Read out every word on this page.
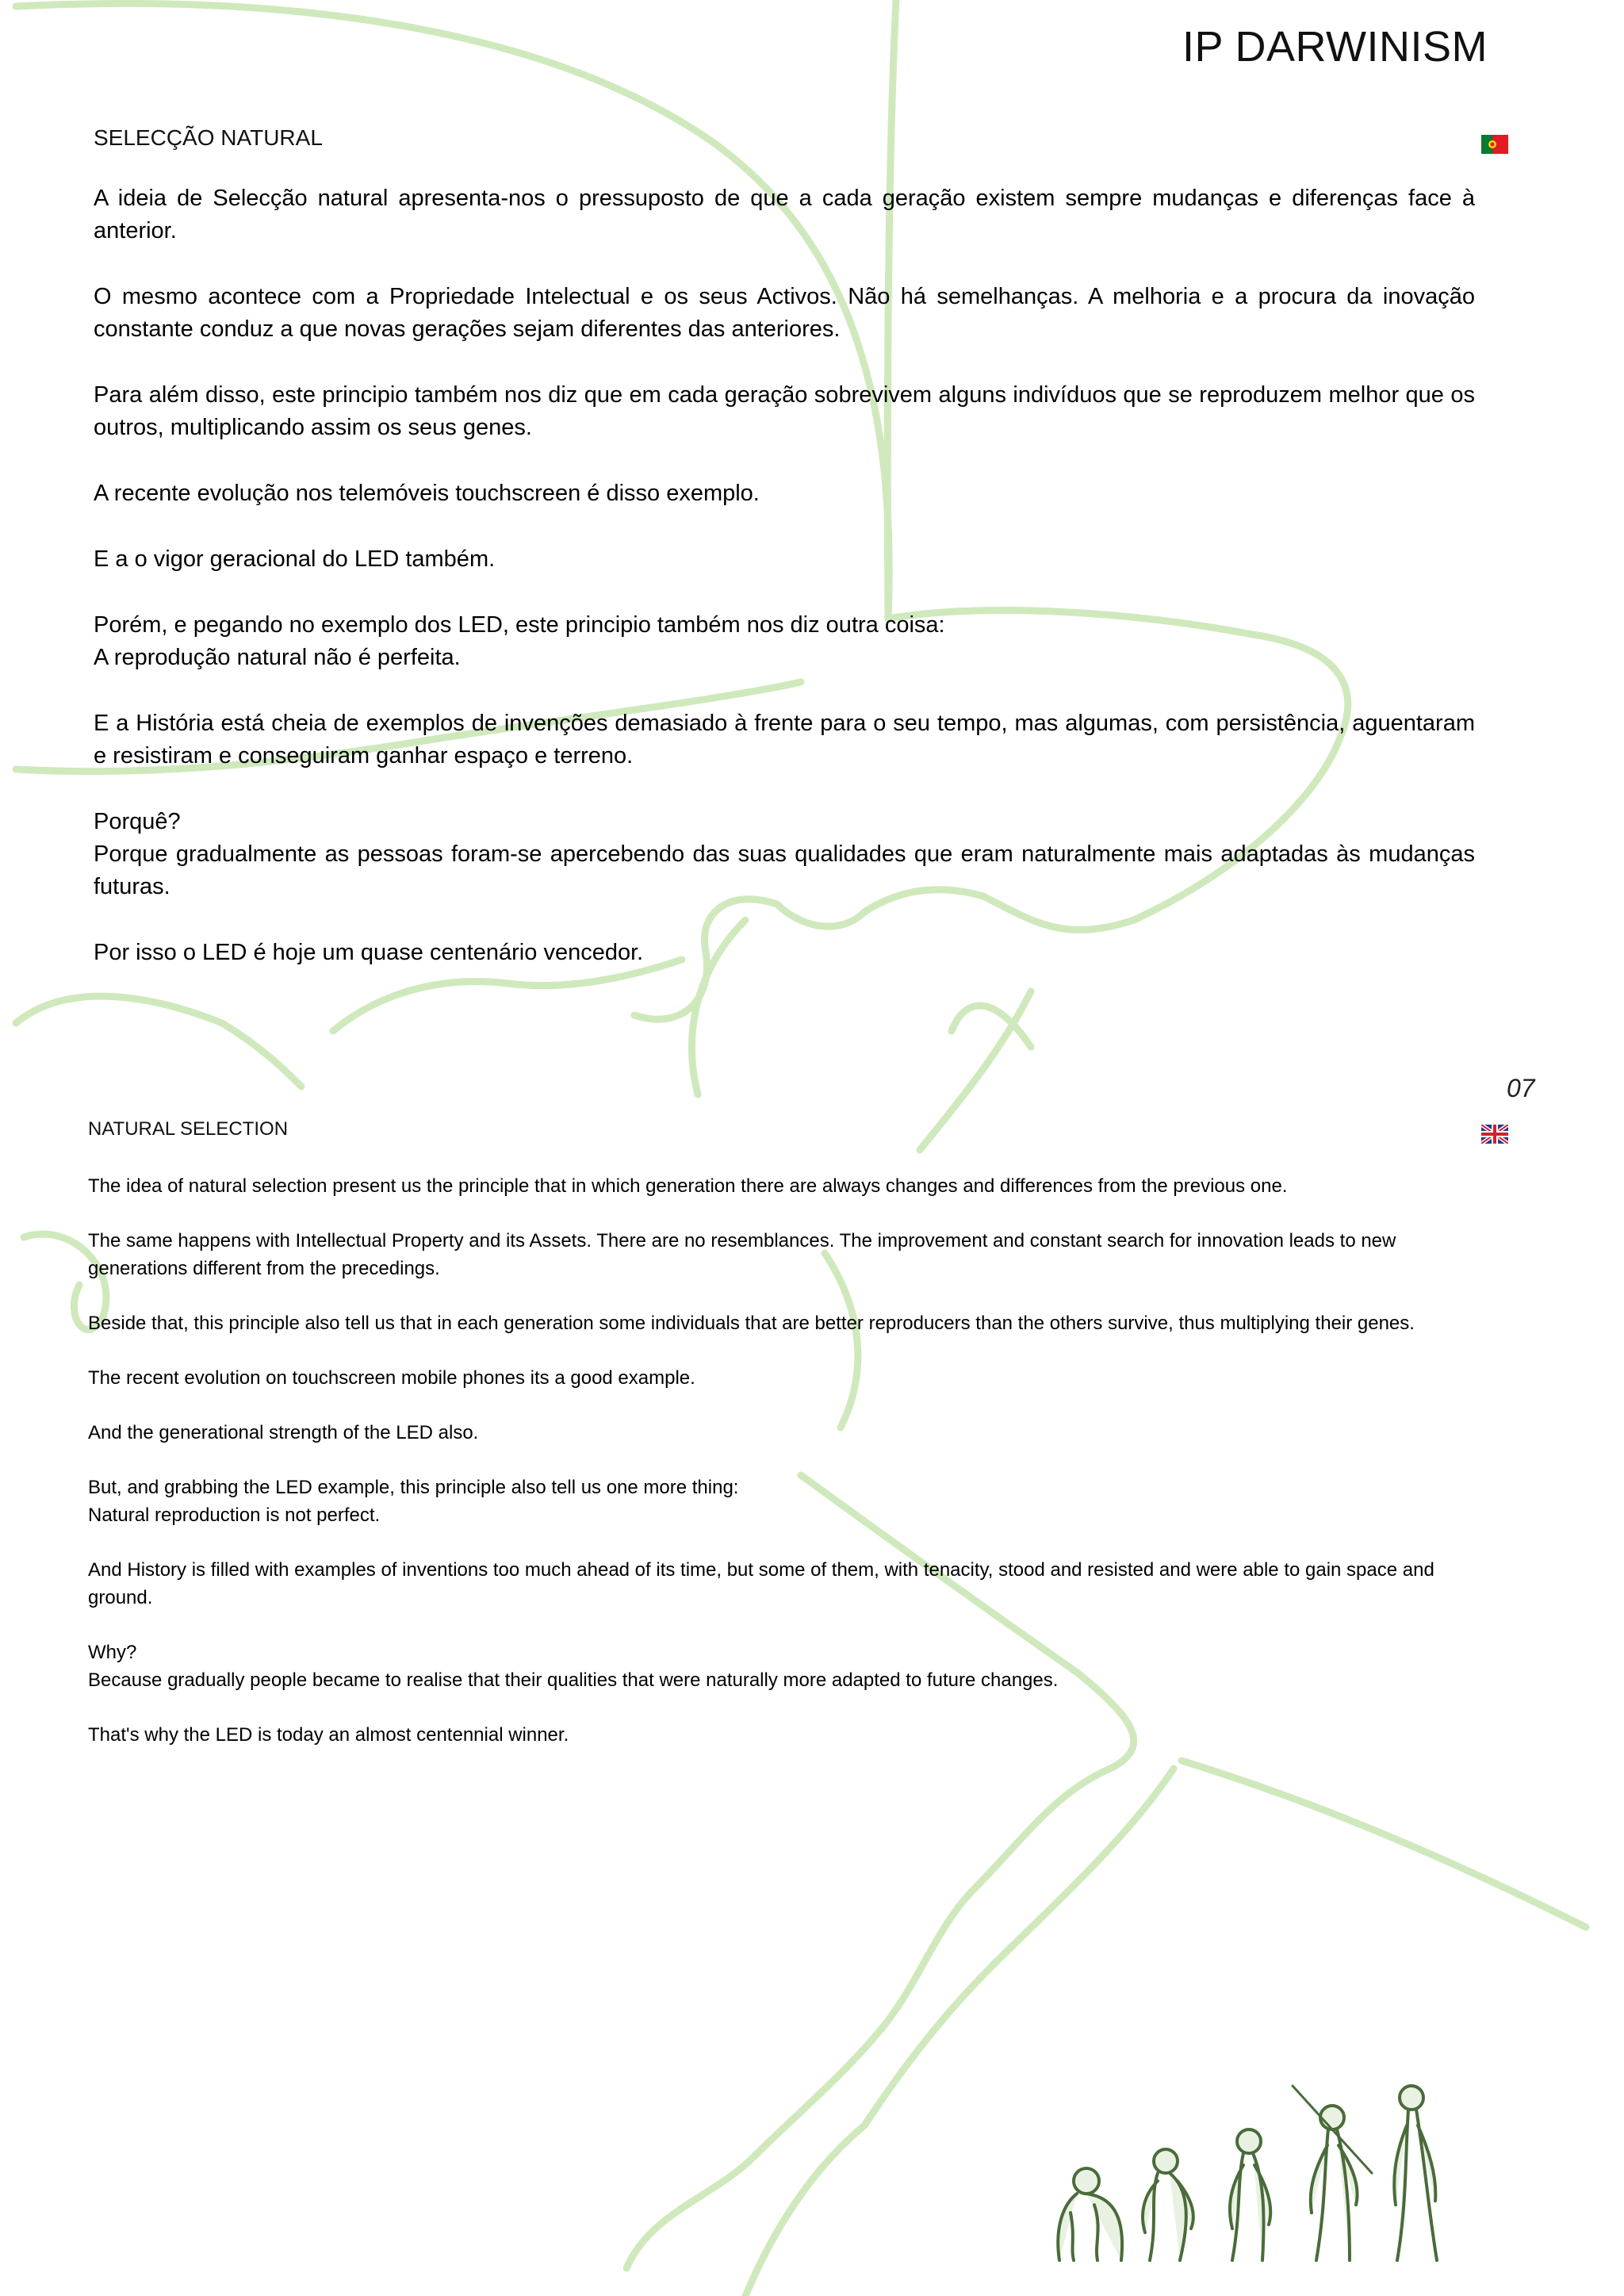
IP DARWINISM
SELECÇÃO NATURAL

A ideia de Selecção natural apresenta-nos o pressuposto de que a cada geração existem sempre mudanças e diferenças face à anterior.

O mesmo acontece com a Propriedade Intelectual e os seus Activos. Não há semelhanças. A melhoria e a procura da inovação constante conduz a que novas gerações sejam diferentes das anteriores.

Para além disso, este principio também nos diz que em cada geração sobrevivem alguns indivíduos que se reproduzem melhor que os outros, multiplicando assim os seus genes.

A recente evolução nos telemóveis touchscreen é disso exemplo.

E a o vigor geracional do LED também.

Porém, e pegando no exemplo dos LED, este principio também nos diz outra coisa:
A reprodução natural não é perfeita.

E a História está cheia de exemplos de invenções demasiado à frente para o seu tempo, mas algumas, com persistência, aguentaram e resistiram e conseguiram ganhar espaço e terreno.

Porquê?
Porque gradualmente as pessoas foram-se apercebendo das suas qualidades que eram naturalmente mais adaptadas às mudanças futuras.

Por isso o LED é hoje um quase centenário vencedor.

07
NATURAL SELECTION

The idea of natural selection present us the principle that in which generation there are always changes and differences from the previous one.

The same happens with Intellectual Property and its Assets. There are no resemblances. The improvement and constant search for innovation leads to new generations different from the precedings.

Beside that, this principle also tell us that in each generation some individuals that are better reproducers than the others survive, thus multiplying their genes.

The recent evolution on touchscreen mobile phones its a good example.

And the generational strength of the LED also.

But, and grabbing the LED example, this principle also tell us one more thing:
Natural reproduction is not perfect.

And History is filled with examples of inventions too much ahead of its time, but some of them, with tenacity, stood and resisted and were able to gain space and ground.

Why?
Because gradually people became to realise that their qualities that were naturally more adapted to future changes.

That's why the LED is today an almost centennial winner.
